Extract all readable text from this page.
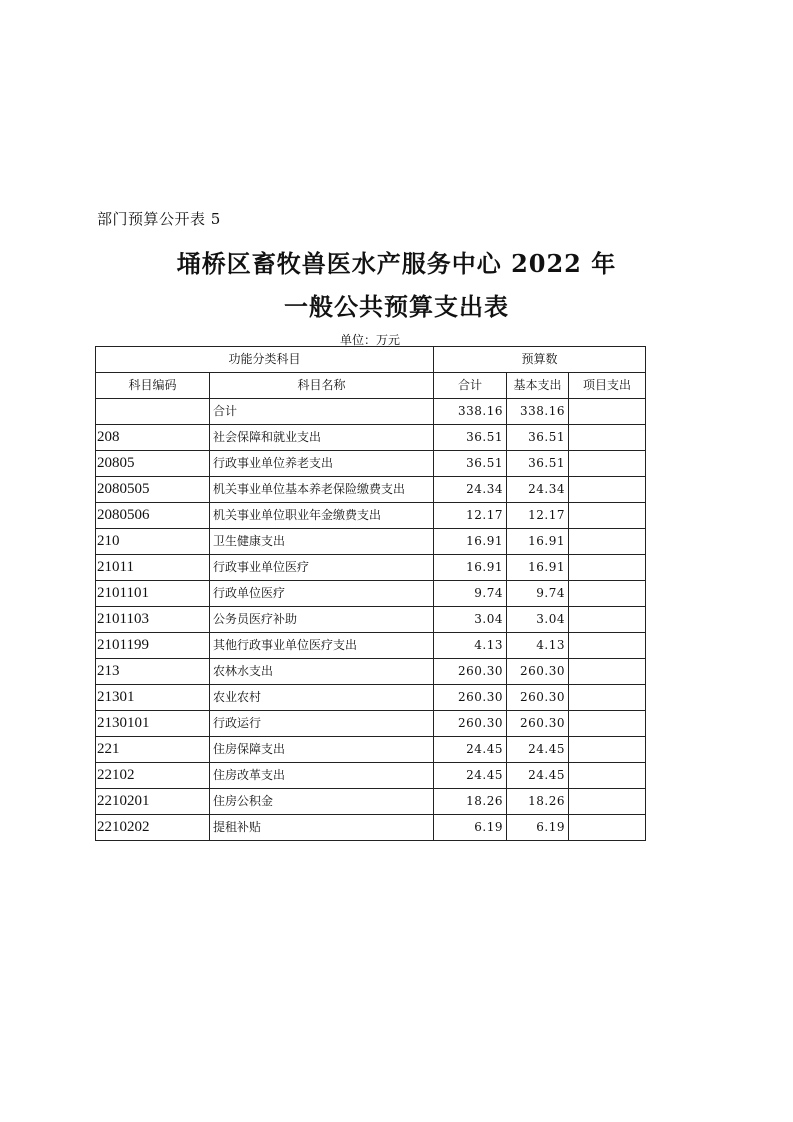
部门预算公开表 5
埇桥区畜牧兽医水产服务中心 2022 年
一般公共预算支出表
单位：万元
功能分类科目		预算数		
科目编码	科目名称	合计	基本支出	项目支出
	合计	338.16	338.16	
208	社会保障和就业支出	36.51	36.51	
20805	行政事业单位养老支出	36.51	36.51	
2080505	机关事业单位基本养老保险缴费支出	24.34	24.34	
2080506	机关事业单位职业年金缴费支出	12.17	12.17	
210	卫生健康支出	16.91	16.91	
21011	行政事业单位医疗	16.91	16.91	
2101101	行政单位医疗	9.74	9.74	
2101103	公务员医疗补助	3.04	3.04	
2101199	其他行政事业单位医疗支出	4.13	4.13	
213	农林水支出	260.30	260.30	
21301	农业农村	260.30	260.30	
2130101	行政运行	260.30	260.30	
221	住房保障支出	24.45	24.45	
22102	住房改革支出	24.45	24.45	
2210201	住房公积金	18.26	18.26	
2210202	提租补贴	6.19	6.19	
